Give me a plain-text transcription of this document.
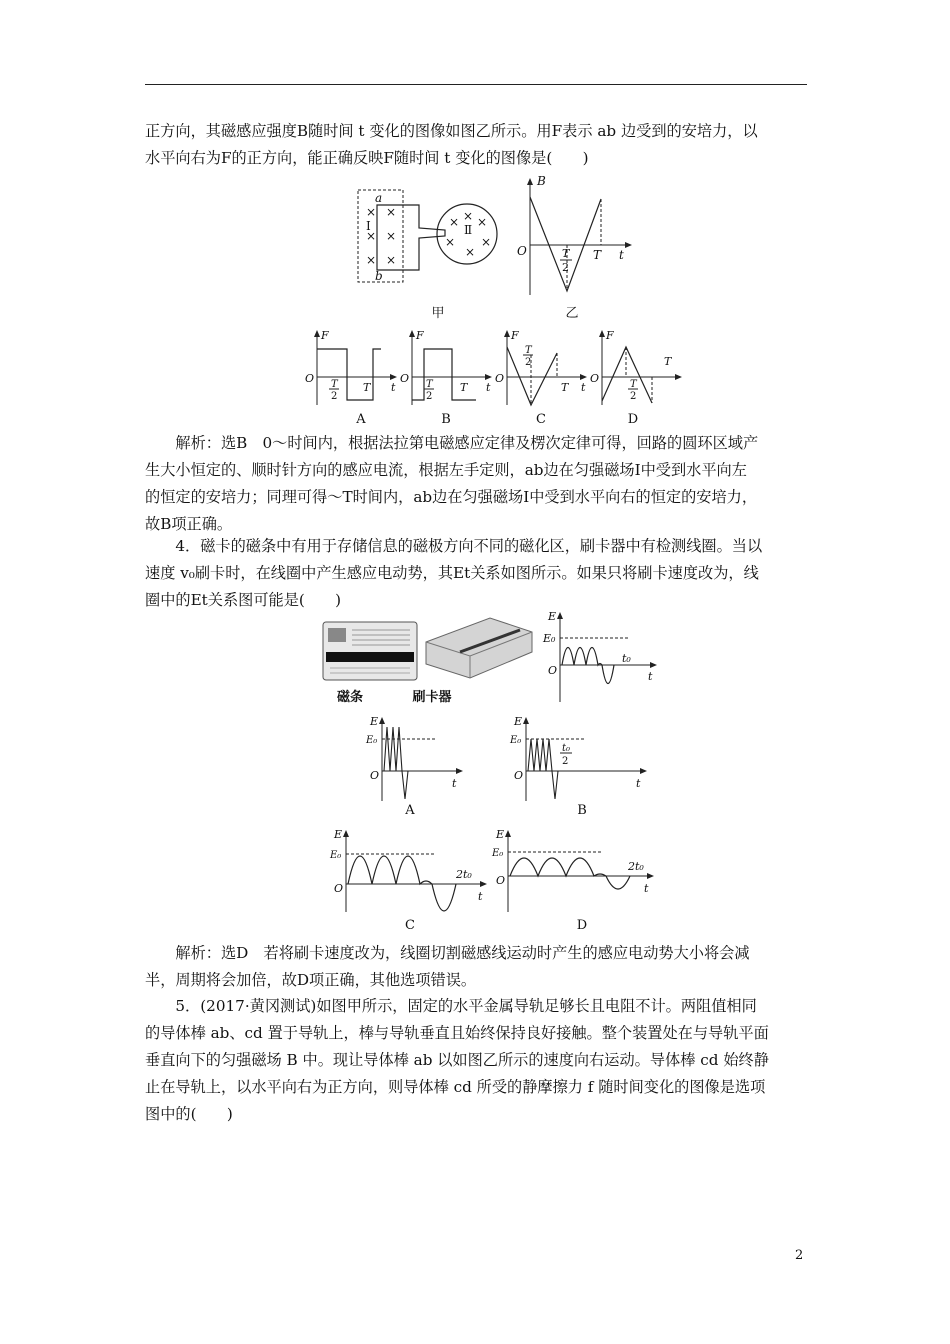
正方向，其磁感应强度B随时间 t 变化的图像如图乙所示。用F表示 ab 边受到的安培力，以

水平向右为F的正方向，能正确反映F随时间 t 变化的图像是(　　)

×
×
×
×
×
×
× ×
×
×
×
×
a
b
Ⅰ	Ⅱ
甲
B
O	t
T
T
2
乙
F
O
t
T
T
2
F
O
t
T
T
2
F
O
t
T
T
2
F
O
T
T
2
A	B	C	D

解析：选B　0～时间内，根据法拉第电磁感应定律及楞次定律可得，回路的圆环区域产

生大小恒定的、顺时针方向的感应电流，根据左手定则，ab边在匀强磁场Ⅰ中受到水平向左

的恒定的安培力；同理可得～T时间内，ab边在匀强磁场Ⅰ中受到水平向右的恒定的安培力，

故B项正确。

4．磁卡的磁条中有用于存储信息的磁极方向不同的磁化区，刷卡器中有检测线圈。当以

速度 v₀刷卡时，在线圈中产生感应电动势，其Et关系如图所示。如果只将刷卡速度改为，线

圈中的Et关系图可能是(　　)

磁条	刷卡器
E
E₀
O
t₀
t
E
E₀
O
t
A
E
E₀
O
t
t₀
2
B
E
E₀
O
t
2t₀
C
E
E₀
O
t
2t₀
D

解析：选D　若将刷卡速度改为，线圈切割磁感线运动时产生的感应电动势大小将会减

半，周期将会加倍，故D项正确，其他选项错误。

5．(2017·黄冈测试)如图甲所示，固定的水平金属导轨足够长且电阻不计。两阻值相同

的导体棒 ab、cd 置于导轨上，棒与导轨垂直且始终保持良好接触。整个装置处在与导轨平面

垂直向下的匀强磁场 B 中。现让导体棒 ab 以如图乙所示的速度向右运动。导体棒 cd 始终静

止在导轨上，以水平向右为正方向，则导体棒 cd 所受的静摩擦力 f 随时间变化的图像是选项

图中的(　　)

2
